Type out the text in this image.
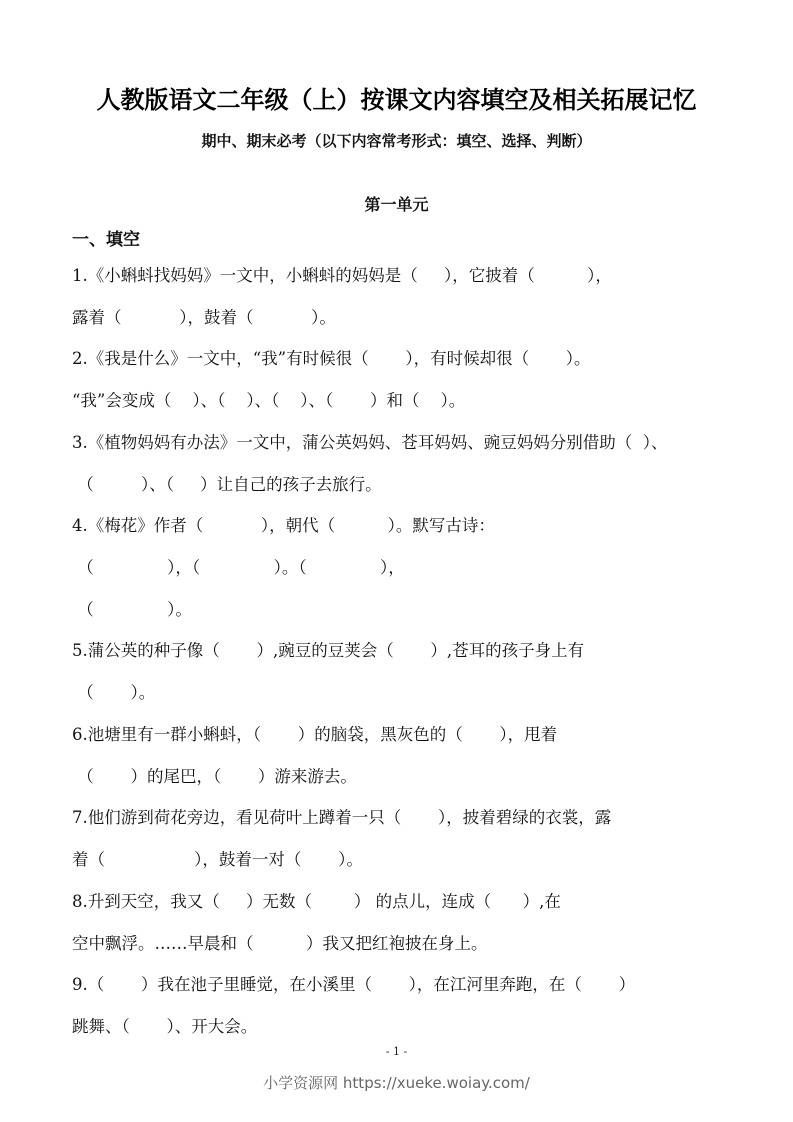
人教版语文二年级（上）按课文内容填空及相关拓展记忆
期中、期末必考（以下内容常考形式：填空、选择、判断）
第一单元
一、填空
1.《小蝌蚪找妈妈》一文中，小蝌蚪的妈妈是（     ），它披着（          ），
露着（           ），鼓着（           ）。
2.《我是什么》一文中，“我”有时候很（       ），有时候却很（       ）。
“我”会变成（    ）、（    ）、（    ）、（       ）和（    ）。
3.《植物妈妈有办法》一文中，蒲公英妈妈、苍耳妈妈、豌豆妈妈分别借助（  ）、
（         ）、（     ）让自己的孩子去旅行。
4.《梅花》作者（           ），朝代（          ）。默写古诗：
（              ），（              ）。（              ），
（              ）。
5.蒲公英的种子像（       ）,豌豆的豆荚会（       ）,苍耳的孩子身上有
（       ）。
6.池塘里有一群小蝌蚪，（       ）的脑袋，黑灰色的（       ），甩着
（       ）的尾巴，（       ）游来游去。
7.他们游到荷花旁边，看见荷叶上蹲着一只（       ），披着碧绿的衣裳，露
着（                 ），鼓着一对（       ）。
8.升到天空，我又（     ）无数（        ） 的点儿，连成（      ）,在
空中飘浮。……早晨和（          ）我又把红袍披在身上。
9.（       ）我在池子里睡觉，在小溪里（       ），在江河里奔跑，在（       ）
跳舞、（       ）、开大会。
- 1 -
小学资源网 https://xueke.woiay.com/
